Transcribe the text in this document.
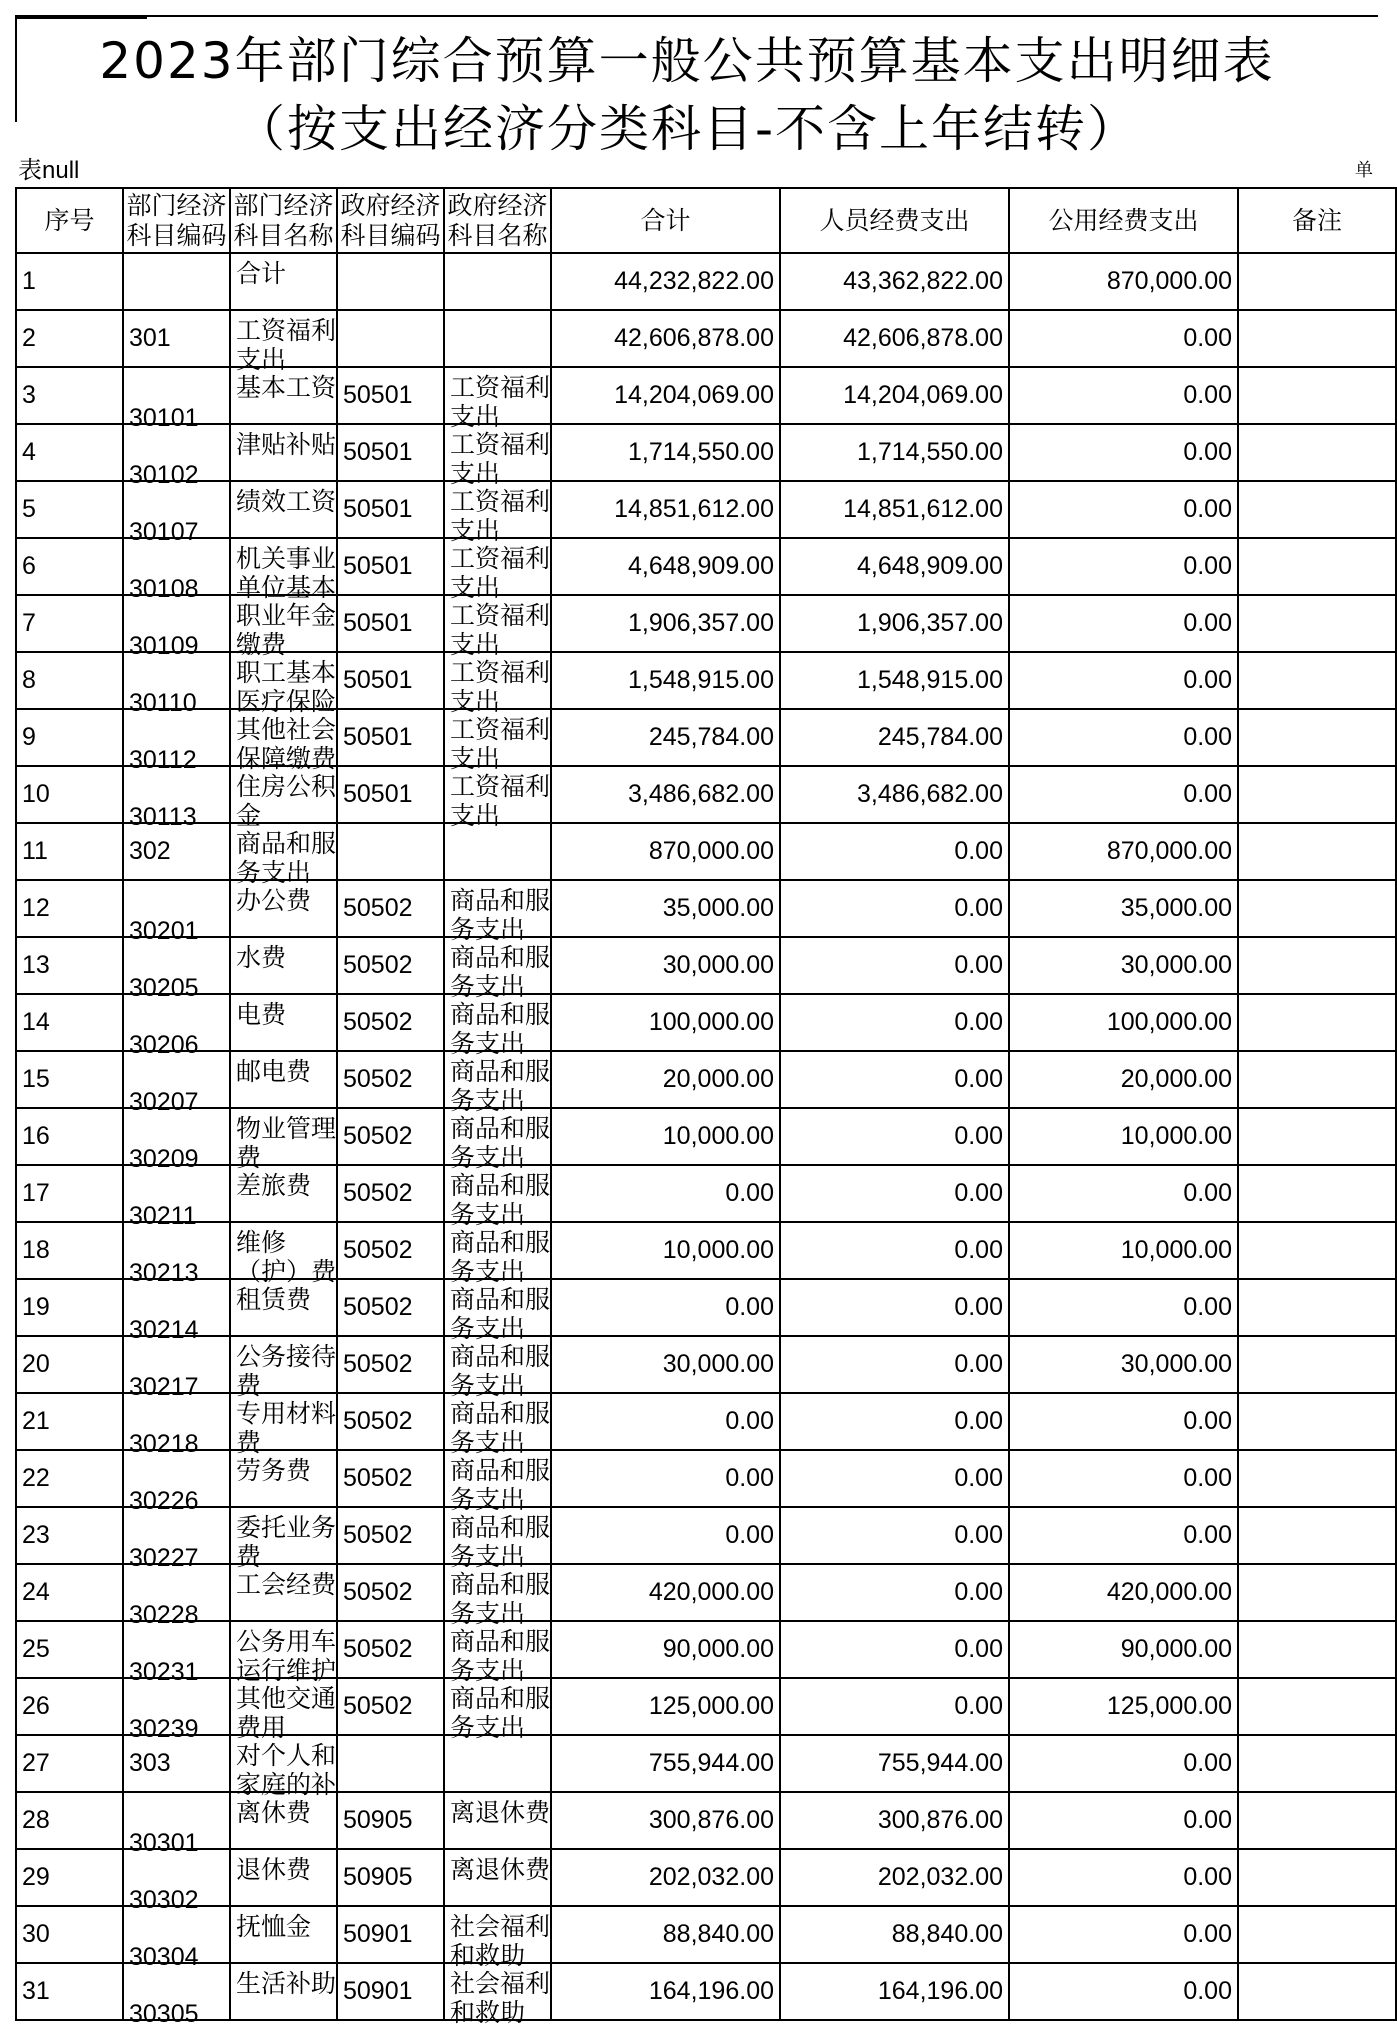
2023年部门综合预算一般公共预算基本支出明细表
（按支出经济分类科目-不含上年结转）
表null	单
序号	部门经济科目编码	部门经济科目名称	政府经济科目编码	政府经济科目名称	合计	人员经费支出	公用经费支出	备注
1		合计			44,232,822.00	43,362,822.00	870,000.00	
2	301	工资福利支出			42,606,878.00	42,606,878.00	0.00	
3	30101	基本工资	50501	工资福利支出	14,204,069.00	14,204,069.00	0.00	
4	30102	津贴补贴	50501	工资福利支出	1,714,550.00	1,714,550.00	0.00	
5	30107	绩效工资	50501	工资福利支出	14,851,612.00	14,851,612.00	0.00	
6	30108	机关事业单位基本	50501	工资福利支出	4,648,909.00	4,648,909.00	0.00	
7	30109	职业年金缴费	50501	工资福利支出	1,906,357.00	1,906,357.00	0.00	
8	30110	职工基本医疗保险	50501	工资福利支出	1,548,915.00	1,548,915.00	0.00	
9	30112	其他社会保障缴费	50501	工资福利支出	245,784.00	245,784.00	0.00	
10	30113	住房公积金	50501	工资福利支出	3,486,682.00	3,486,682.00	0.00	
11	302	商品和服务支出			870,000.00	0.00	870,000.00	
12	30201	办公费	50502	商品和服务支出	35,000.00	0.00	35,000.00	
13	30205	水费	50502	商品和服务支出	30,000.00	0.00	30,000.00	
14	30206	电费	50502	商品和服务支出	100,000.00	0.00	100,000.00	
15	30207	邮电费	50502	商品和服务支出	20,000.00	0.00	20,000.00	
16	30209	物业管理费	50502	商品和服务支出	10,000.00	0.00	10,000.00	
17	30211	差旅费	50502	商品和服务支出	0.00	0.00	0.00	
18	30213	维修（护）费	50502	商品和服务支出	10,000.00	0.00	10,000.00	
19	30214	租赁费	50502	商品和服务支出	0.00	0.00	0.00	
20	30217	公务接待费	50502	商品和服务支出	30,000.00	0.00	30,000.00	
21	30218	专用材料费	50502	商品和服务支出	0.00	0.00	0.00	
22	30226	劳务费	50502	商品和服务支出	0.00	0.00	0.00	
23	30227	委托业务费	50502	商品和服务支出	0.00	0.00	0.00	
24	30228	工会经费	50502	商品和服务支出	420,000.00	0.00	420,000.00	
25	30231	公务用车运行维护	50502	商品和服务支出	90,000.00	0.00	90,000.00	
26	30239	其他交通费用	50502	商品和服务支出	125,000.00	0.00	125,000.00	
27	303	对个人和家庭的补			755,944.00	755,944.00	0.00	
28	30301	离休费	50905	离退休费	300,876.00	300,876.00	0.00	
29	30302	退休费	50905	离退休费	202,032.00	202,032.00	0.00	
30	30304	抚恤金	50901	社会福利和救助	88,840.00	88,840.00	0.00	
31	30305	生活补助	50901	社会福利和救助	164,196.00	164,196.00	0.00	
